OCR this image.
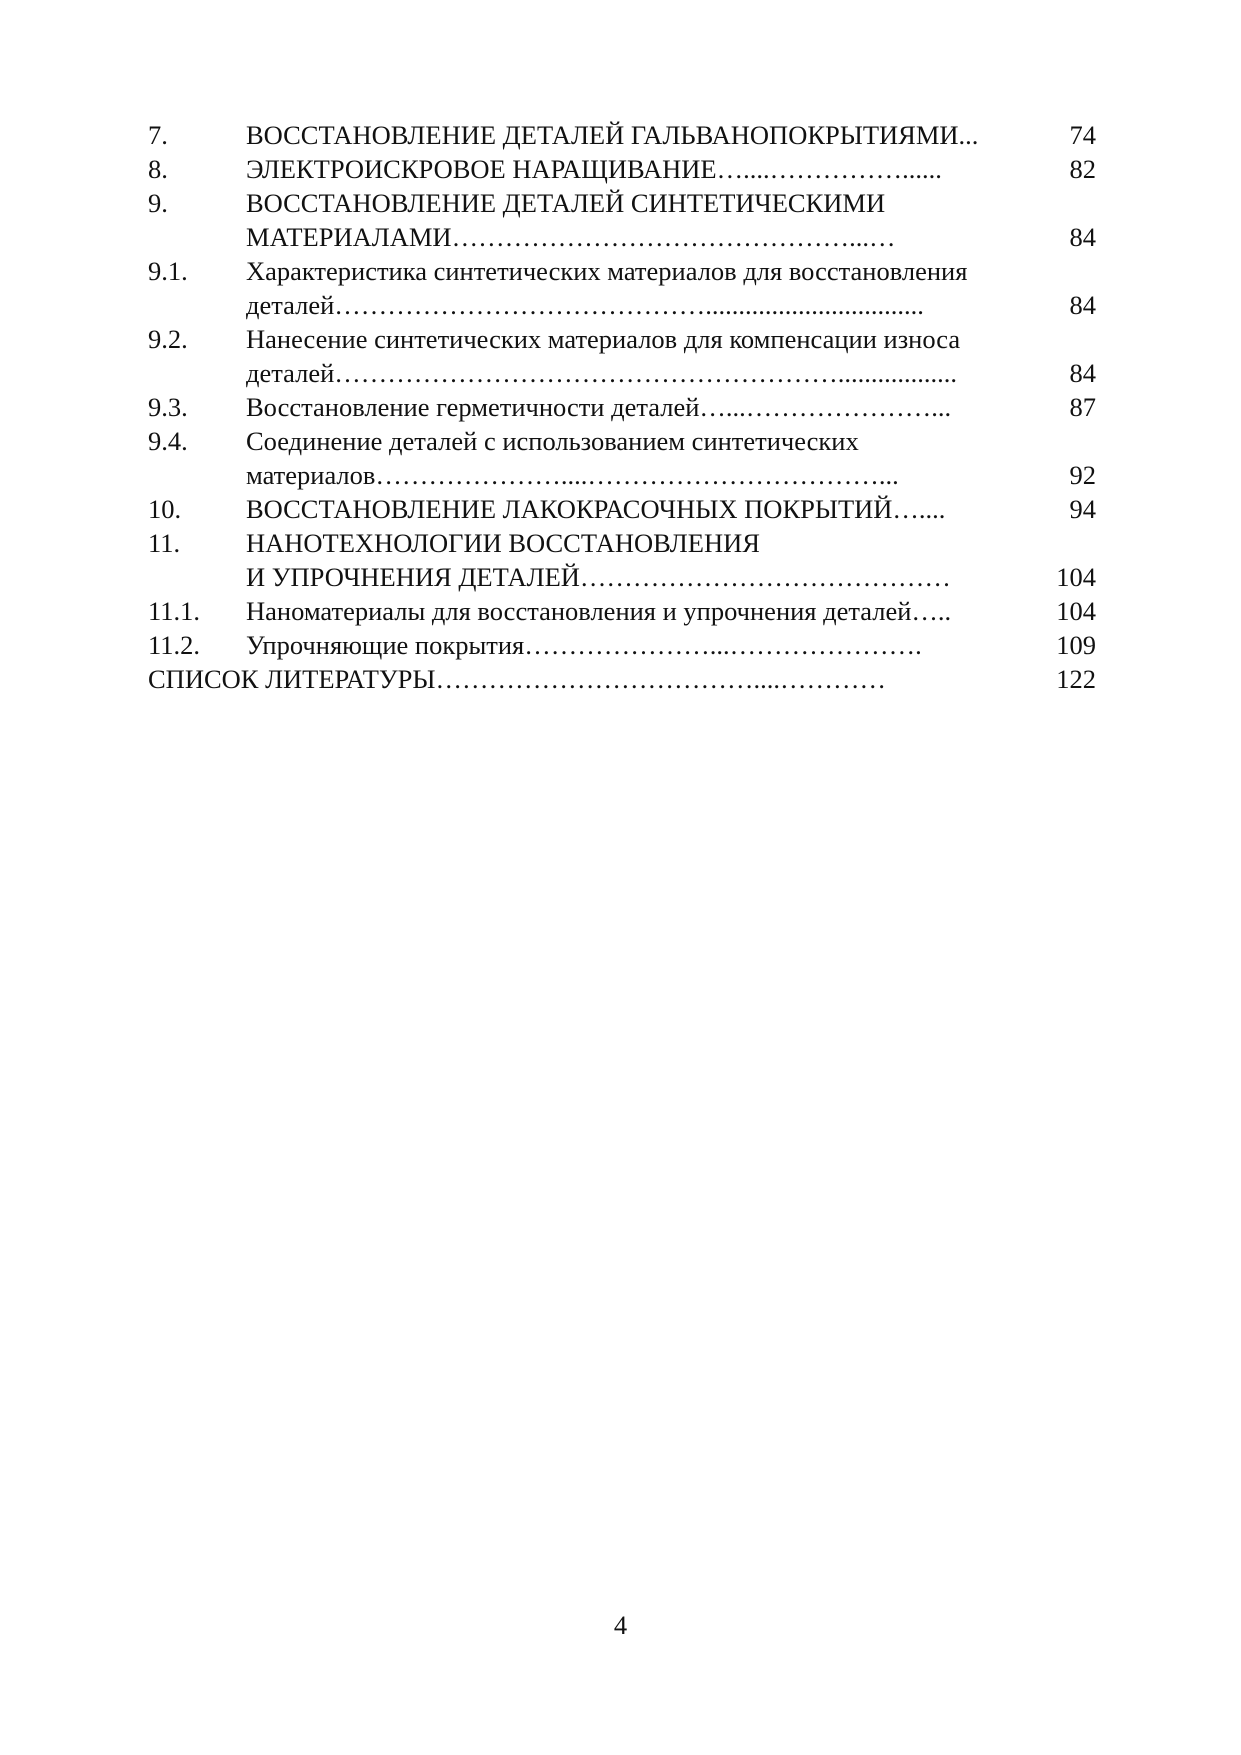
7.	ВОССТАНОВЛЕНИЕ ДЕТАЛЕЙ ГАЛЬВАНОПОКРЫТИЯМИ...	74
8.	ЭЛЕКТРОИСКРОВОЕ НАРАЩИВАНИЕ…....……………......	82
9.	ВОССТАНОВЛЕНИЕ ДЕТАЛЕЙ СИНТЕТИЧЕСКИМИ
МАТЕРИАЛАМИ………………………………………...…	84
9.1. Характеристика синтетических материалов для восстановления
деталей…………………………………….................................	84
9.2. Нанесение синтетических материалов для компенсации износа
деталей…………………………………………………..................	84
9.3. Восстановление герметичности деталей…...…………………...	87
9.4. Соединение деталей с использованием синтетических
материалов…………………....……………………………...	92
10. ВОССТАНОВЛЕНИЕ ЛАКОКРАСОЧНЫХ ПОКРЫТИЙ…....	94
11. НАНОТЕХНОЛОГИИ ВОССТАНОВЛЕНИЯ
И УПРОЧНЕНИЯ ДЕТАЛЕЙ……………………………………	104
11.1. Наноматериалы для восстановления и упрочнения деталей…..	104
11.2. Упрочняющие покрытия…………………...………………….	109
СПИСОК ЛИТЕРАТУРЫ………………………………....…………	122
4
